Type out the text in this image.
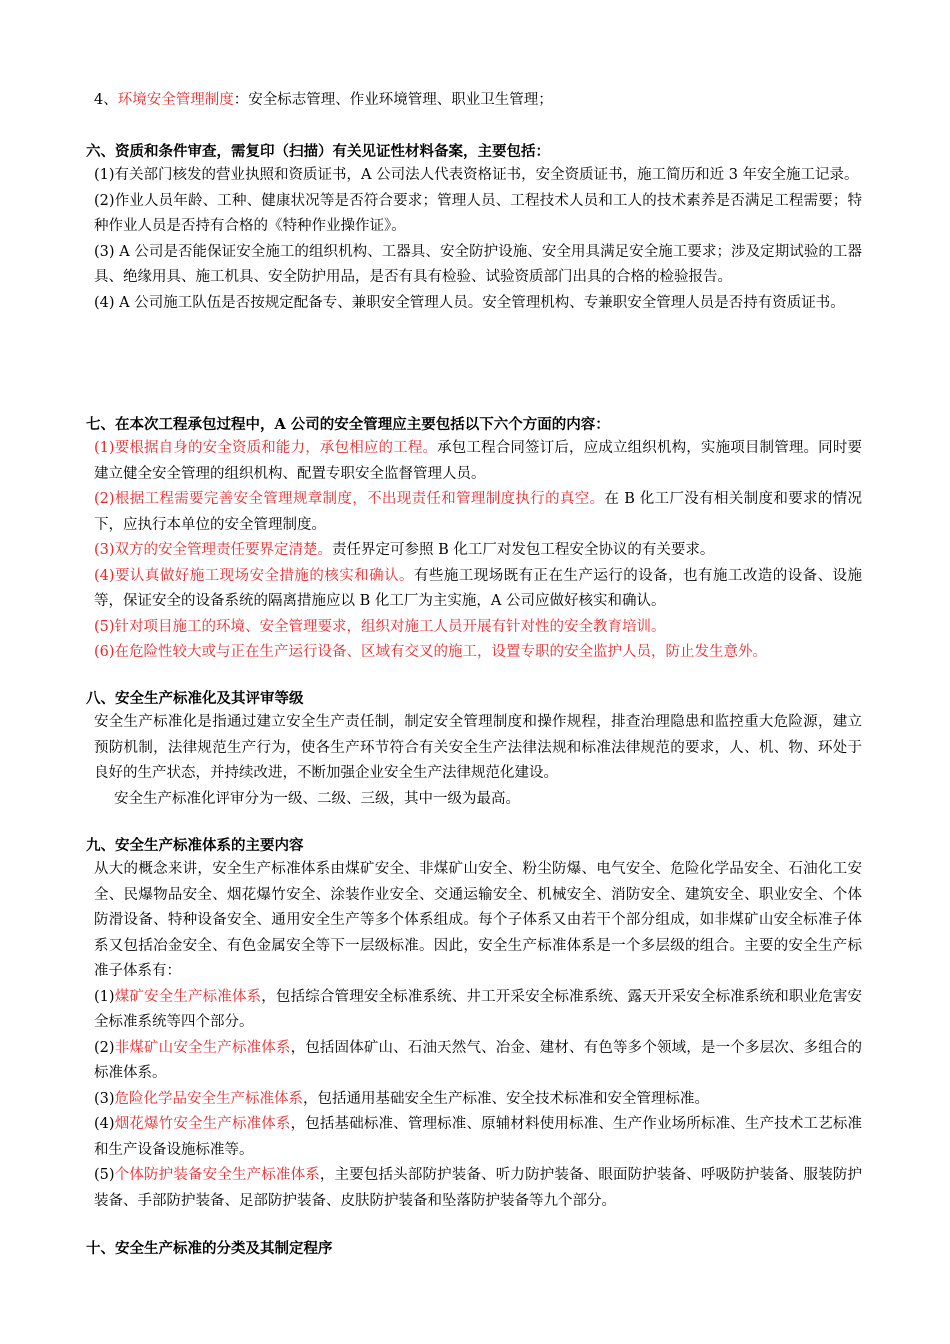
4、环境安全管理制度：安全标志管理、作业环境管理、职业卫生管理；

六、资质和条件审查，需复印（扫描）有关见证性材料备案，主要包括：

(1)有关部门核发的营业执照和资质证书，A 公司法人代表资格证书，安全资质证书，施工简历和近 3 年安全施工记录。

(2)作业人员年龄、工种、健康状况等是否符合要求；管理人员、工程技术人员和工人的技术素养是否满足工程需要；特种作业人员是否持有合格的《特种作业操作证》。

(3) A 公司是否能保证安全施工的组织机构、工器具、安全防护设施、安全用具满足安全施工要求；涉及定期试验的工器具、绝缘用具、施工机具、安全防护用品，是否有具有检验、试验资质部门出具的合格的检验报告。

(4) A 公司施工队伍是否按规定配备专、兼职安全管理人员。安全管理机构、专兼职安全管理人员是否持有资质证书。

七、在本次工程承包过程中，A 公司的安全管理应主要包括以下六个方面的内容：

(1)要根据自身的安全资质和能力，承包相应的工程。承包工程合同签订后，应成立组织机构，实施项目制管理。同时要建立健全安全管理的组织机构、配置专职安全监督管理人员。

(2)根据工程需要完善安全管理规章制度，不出现责任和管理制度执行的真空。在 B 化工厂没有相关制度和要求的情况下，应执行本单位的安全管理制度。

(3)双方的安全管理责任要界定清楚。责任界定可参照 B 化工厂对发包工程安全协议的有关要求。

(4)要认真做好施工现场安全措施的核实和确认。有些施工现场既有正在生产运行的设备，也有施工改造的设备、设施等，保证安全的设备系统的隔离措施应以 B 化工厂为主实施，A 公司应做好核实和确认。

(5)针对项目施工的环境、安全管理要求，组织对施工人员开展有针对性的安全教育培训。

(6)在危险性较大或与正在生产运行设备、区域有交叉的施工，设置专职的安全监护人员，防止发生意外。

八、安全生产标准化及其评审等级

安全生产标准化是指通过建立安全生产责任制，制定安全管理制度和操作规程，排查治理隐患和监控重大危险源，建立预防机制，法律规范生产行为，使各生产环节符合有关安全生产法律法规和标准法律规范的要求，人、机、物、环处于良好的生产状态，并持续改进，不断加强企业安全生产法律规范化建设。

安全生产标准化评审分为一级、二级、三级，其中一级为最高。

九、安全生产标准体系的主要内容

从大的概念来讲，安全生产标准体系由煤矿安全、非煤矿山安全、粉尘防爆、电气安全、危险化学品安全、石油化工安全、民爆物品安全、烟花爆竹安全、涂装作业安全、交通运输安全、机械安全、消防安全、建筑安全、职业安全、个体防滑设备、特种设备安全、通用安全生产等多个体系组成。每个子体系又由若干个部分组成，如非煤矿山安全标准子体系又包括冶金安全、有色金属安全等下一层级标准。因此，安全生产标准体系是一个多层级的组合。主要的安全生产标准子体系有：

(1)煤矿安全生产标准体系，包括综合管理安全标准系统、井工开采安全标准系统、露天开采安全标准系统和职业危害安全标准系统等四个部分。

(2)非煤矿山安全生产标准体系，包括固体矿山、石油天然气、冶金、建材、有色等多个领域，是一个多层次、多组合的标准体系。

(3)危险化学品安全生产标准体系，包括通用基础安全生产标准、安全技术标准和安全管理标准。

(4)烟花爆竹安全生产标准体系，包括基础标准、管理标准、原辅材料使用标准、生产作业场所标准、生产技术工艺标准和生产设备设施标准等。

(5)个体防护装备安全生产标准体系，主要包括头部防护装备、听力防护装备、眼面防护装备、呼吸防护装备、服装防护装备、手部防护装备、足部防护装备、皮肤防护装备和坠落防护装备等九个部分。

十、安全生产标准的分类及其制定程序
